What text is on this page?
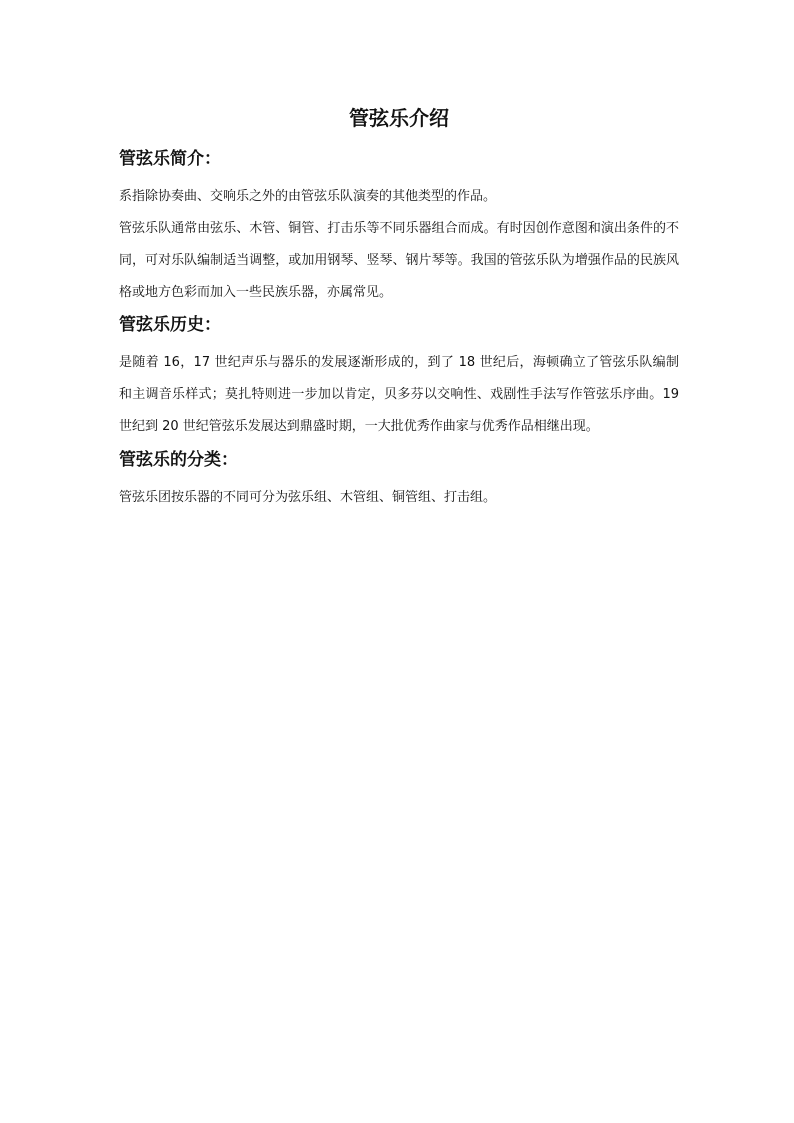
管弦乐介绍
管弦乐简介：

系指除协奏曲、交响乐之外的由管弦乐队演奏的其他类型的作品。

管弦乐队通常由弦乐、木管、铜管、打击乐等不同乐器组合而成。有时因创作意图和演出条件的不同，可对乐队编制适当调整，或加用钢琴、竖琴、钢片琴等。我国的管弦乐队为增强作品的民族风格或地方色彩而加入一些民族乐器，亦属常见。

管弦乐历史：

是随着 16，17 世纪声乐与器乐的发展逐渐形成的，到了 18 世纪后，海顿确立了管弦乐队编制和主调音乐样式；莫扎特则进一步加以肯定，贝多芬以交响性、戏剧性手法写作管弦乐序曲。19 世纪到 20 世纪管弦乐发展达到鼎盛时期，一大批优秀作曲家与优秀作品相继出现。

管弦乐的分类：

管弦乐团按乐器的不同可分为弦乐组、木管组、铜管组、打击组。
